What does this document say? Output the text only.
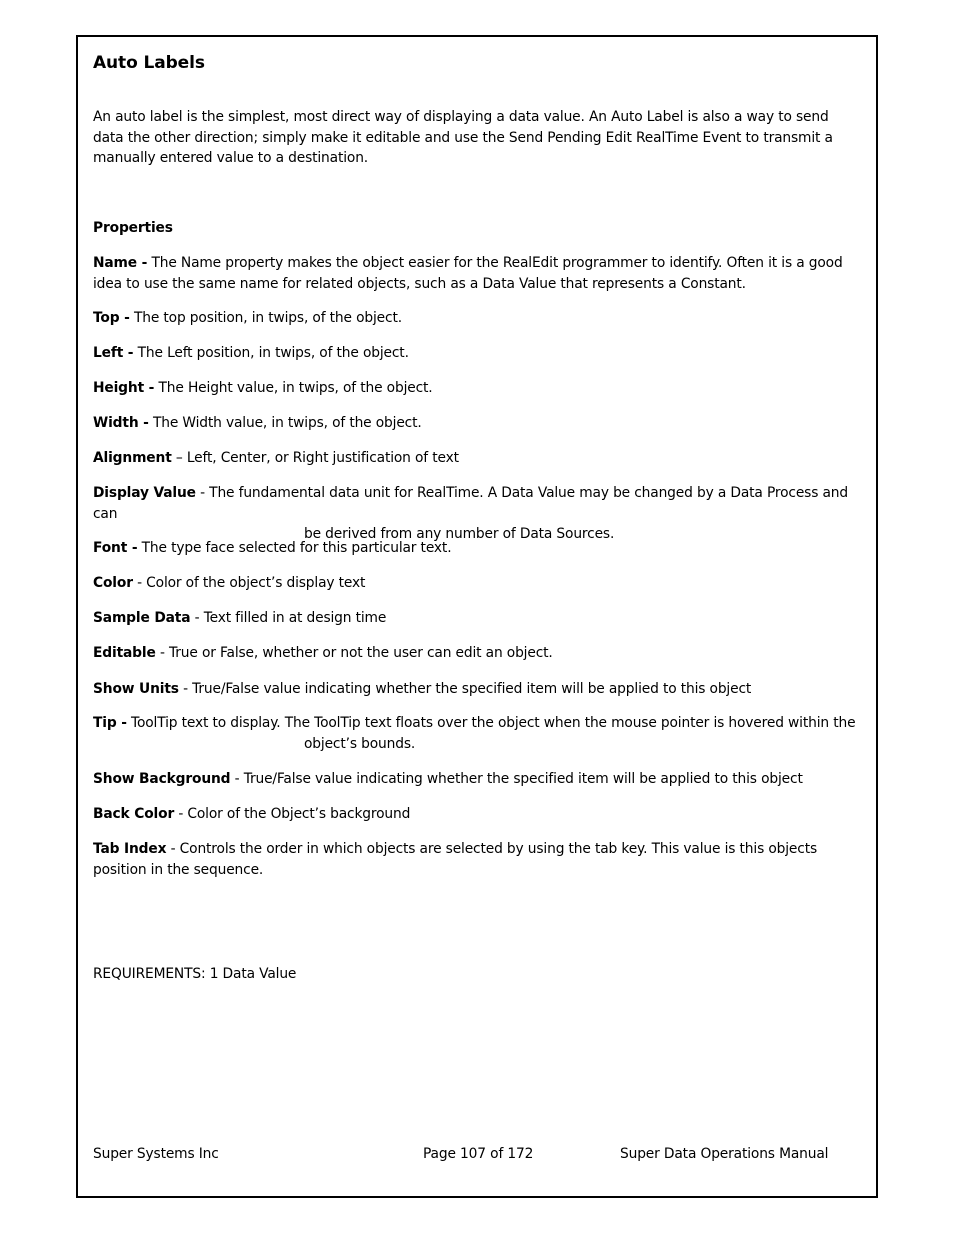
Auto Labels

An auto label is the simplest, most direct way of displaying a data value. An Auto Label is also a way to send data the other direction; simply make it editable and use the Send Pending Edit RealTime Event to transmit a manually entered value to a destination.

Properties

Name - The Name property makes the object easier for the RealEdit programmer to identify. Often it is a good idea to use the same name for related objects, such as a Data Value that represents a Constant.

Top - The top position, in twips, of the object.

Left - The Left position, in twips, of the object.

Height - The Height value, in twips, of the object.

Width - The Width value, in twips, of the object.

Alignment – Left, Center, or Right justification of text

Display Value - The fundamental data unit for RealTime. A Data Value may be changed by a Data Process and can
be derived from any number of Data Sources.

Font - The type face selected for this particular text.

Color - Color of the object’s display text

Sample Data - Text filled in at design time

Editable - True or False, whether or not the user can edit an object.

Show Units - True/False value indicating whether the specified item will be applied to this object

Tip - ToolTip text to display. The ToolTip text floats over the object when the mouse pointer is hovered within the
object’s bounds.

Show Background - True/False value indicating whether the specified item will be applied to this object

Back Color - Color of the Object’s background

Tab Index - Controls the order in which objects are selected by using the tab key. This value is this objects position in the sequence.

REQUIREMENTS: 1 Data Value

Super Systems Inc	Page 107 of 172	Super Data Operations Manual
